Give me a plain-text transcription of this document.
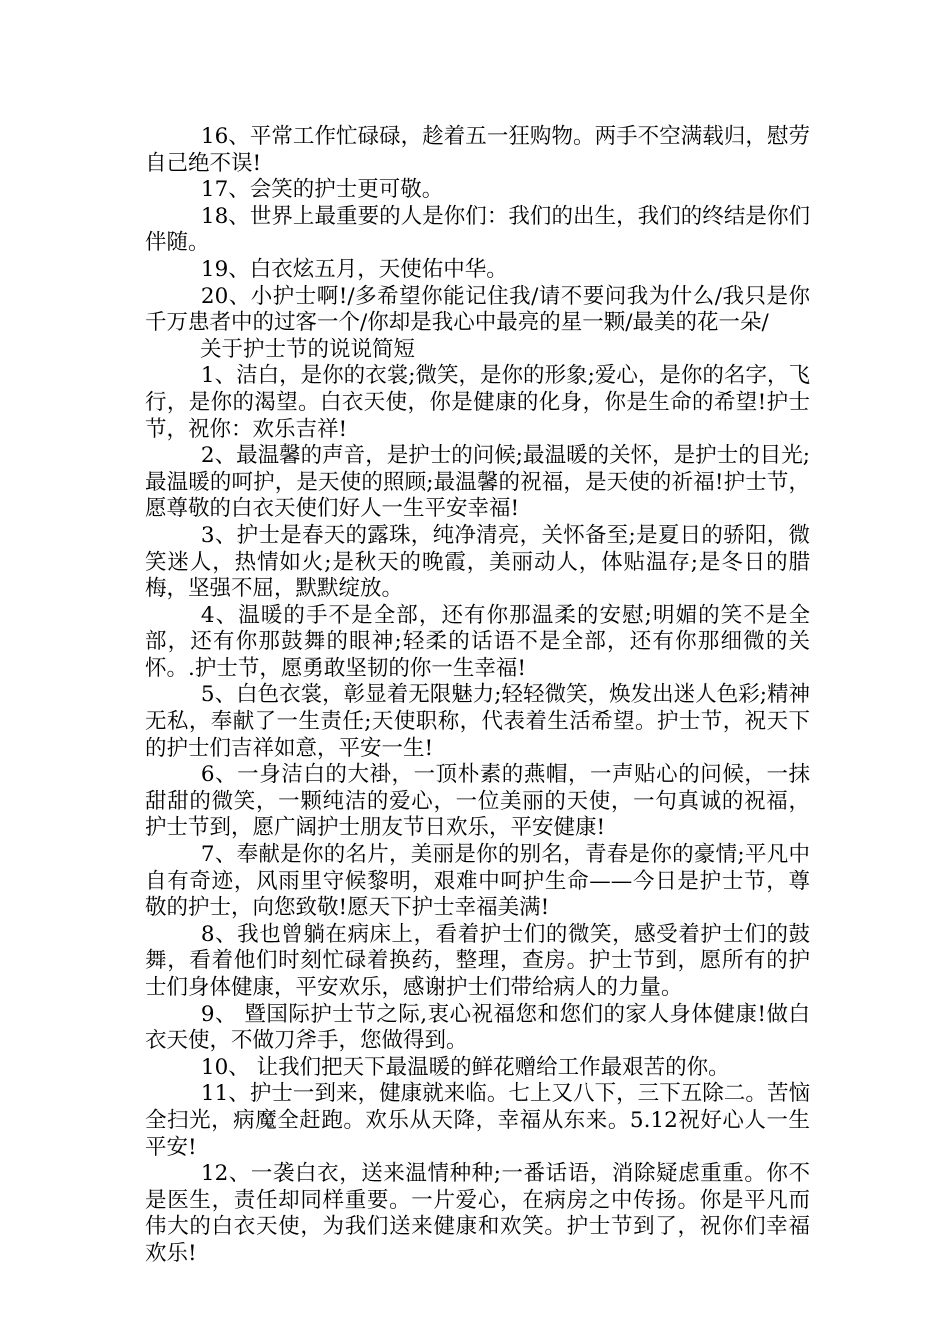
16、平常工作忙碌碌，趁着五一狂购物。两手不空满载归，慰劳自己绝不误!

17、会笑的护士更可敬。

18、世界上最重要的人是你们：我们的出生，我们的终结是你们伴随。

19、白衣炫五月，天使佑中华。

20、小护士啊!/多希望你能记住我/请不要问我为什么/我只是你千万患者中的过客一个/你却是我心中最亮的星一颗/最美的花一朵/

关于护士节的说说简短

1、洁白，是你的衣裳;微笑，是你的形象;爱心，是你的名字，飞行，是你的渴望。白衣天使，你是健康的化身，你是生命的希望!护士节，祝你：欢乐吉祥!

2、最温馨的声音，是护士的问候;最温暖的关怀，是护士的目光;最温暖的呵护，是天使的照顾;最温馨的祝福，是天使的祈福!护士节，愿尊敬的白衣天使们好人一生平安幸福!

3、护士是春天的露珠，纯净清亮，关怀备至;是夏日的骄阳，微笑迷人，热情如火;是秋天的晚霞，美丽动人，体贴温存;是冬日的腊梅，坚强不屈，默默绽放。

4、温暖的手不是全部，还有你那温柔的安慰;明媚的笑不是全部，还有你那鼓舞的眼神;轻柔的话语不是全部，还有你那细微的关怀。.护士节，愿勇敢坚韧的你一生幸福!

5、白色衣裳，彰显着无限魅力;轻轻微笑，焕发出迷人色彩;精神无私，奉献了一生责任;天使职称，代表着生活希望。护士节，祝天下的护士们吉祥如意，平安一生!

6、一身洁白的大褂，一顶朴素的燕帽，一声贴心的问候，一抹甜甜的微笑，一颗纯洁的爱心，一位美丽的天使，一句真诚的祝福，护士节到，愿广阔护士朋友节日欢乐，平安健康!

7、奉献是你的名片，美丽是你的别名，青春是你的豪情;平凡中自有奇迹，风雨里守候黎明，艰难中呵护生命——今日是护士节，尊敬的护士，向您致敬!愿天下护士幸福美满!

8、我也曾躺在病床上，看着护士们的微笑，感受着护士们的鼓舞，看着他们时刻忙碌着换药，整理，查房。护士节到，愿所有的护士们身体健康，平安欢乐，感谢护士们带给病人的力量。

9、 暨国际护士节之际,衷心祝福您和您们的家人身体健康!做白衣天使，不做刀斧手，您做得到。

10、 让我们把天下最温暖的鲜花赠给工作最艰苦的你。

11、护士一到来，健康就来临。七上又八下，三下五除二。苦恼全扫光，病魔全赶跑。欢乐从天降，幸福从东来。5.12祝好心人一生平安!

12、一袭白衣，送来温情种种;一番话语，消除疑虑重重。你不是医生，责任却同样重要。一片爱心，在病房之中传扬。你是平凡而伟大的白衣天使，为我们送来健康和欢笑。护士节到了，祝你们幸福欢乐!
